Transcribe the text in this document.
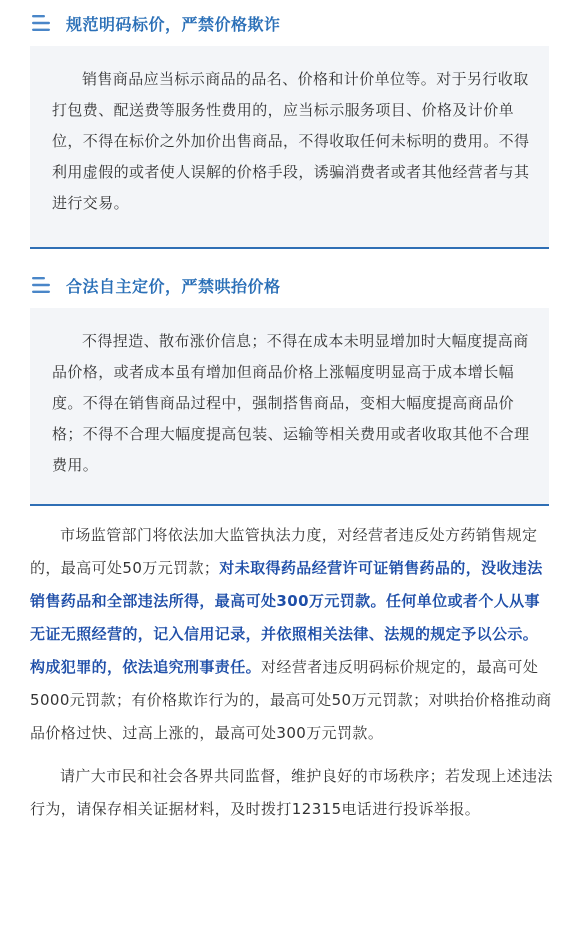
规范明码标价，严禁价格欺诈

销售商品应当标示商品的品名、价格和计价单位等。对于另行收取打包费、配送费等服务性费用的，应当标示服务项目、价格及计价单位，不得在标价之外加价出售商品，不得收取任何未标明的费用。不得利用虚假的或者使人误解的价格手段，诱骗消费者或者其他经营者与其进行交易。

合法自主定价，严禁哄抬价格

不得捏造、散布涨价信息；不得在成本未明显增加时大幅度提高商品价格，或者成本虽有增加但商品价格上涨幅度明显高于成本增长幅度。不得在销售商品过程中，强制搭售商品，变相大幅度提高商品价格；不得不合理大幅度提高包装、运输等相关费用或者收取其他不合理费用。

市场监管部门将依法加大监管执法力度，对经营者违反处方药销售规定的，最高可处50万元罚款；对未取得药品经营许可证销售药品的，没收违法销售药品和全部违法所得，最高可处300万元罚款。任何单位或者个人从事无证无照经营的，记入信用记录，并依照相关法律、法规的规定予以公示。构成犯罪的，依法追究刑事责任。对经营者违反明码标价规定的，最高可处5000元罚款；有价格欺诈行为的，最高可处50万元罚款；对哄抬价格推动商品价格过快、过高上涨的，最高可处300万元罚款。

请广大市民和社会各界共同监督，维护良好的市场秩序；若发现上述违法行为，请保存相关证据材料，及时拨打12315电话进行投诉举报。
